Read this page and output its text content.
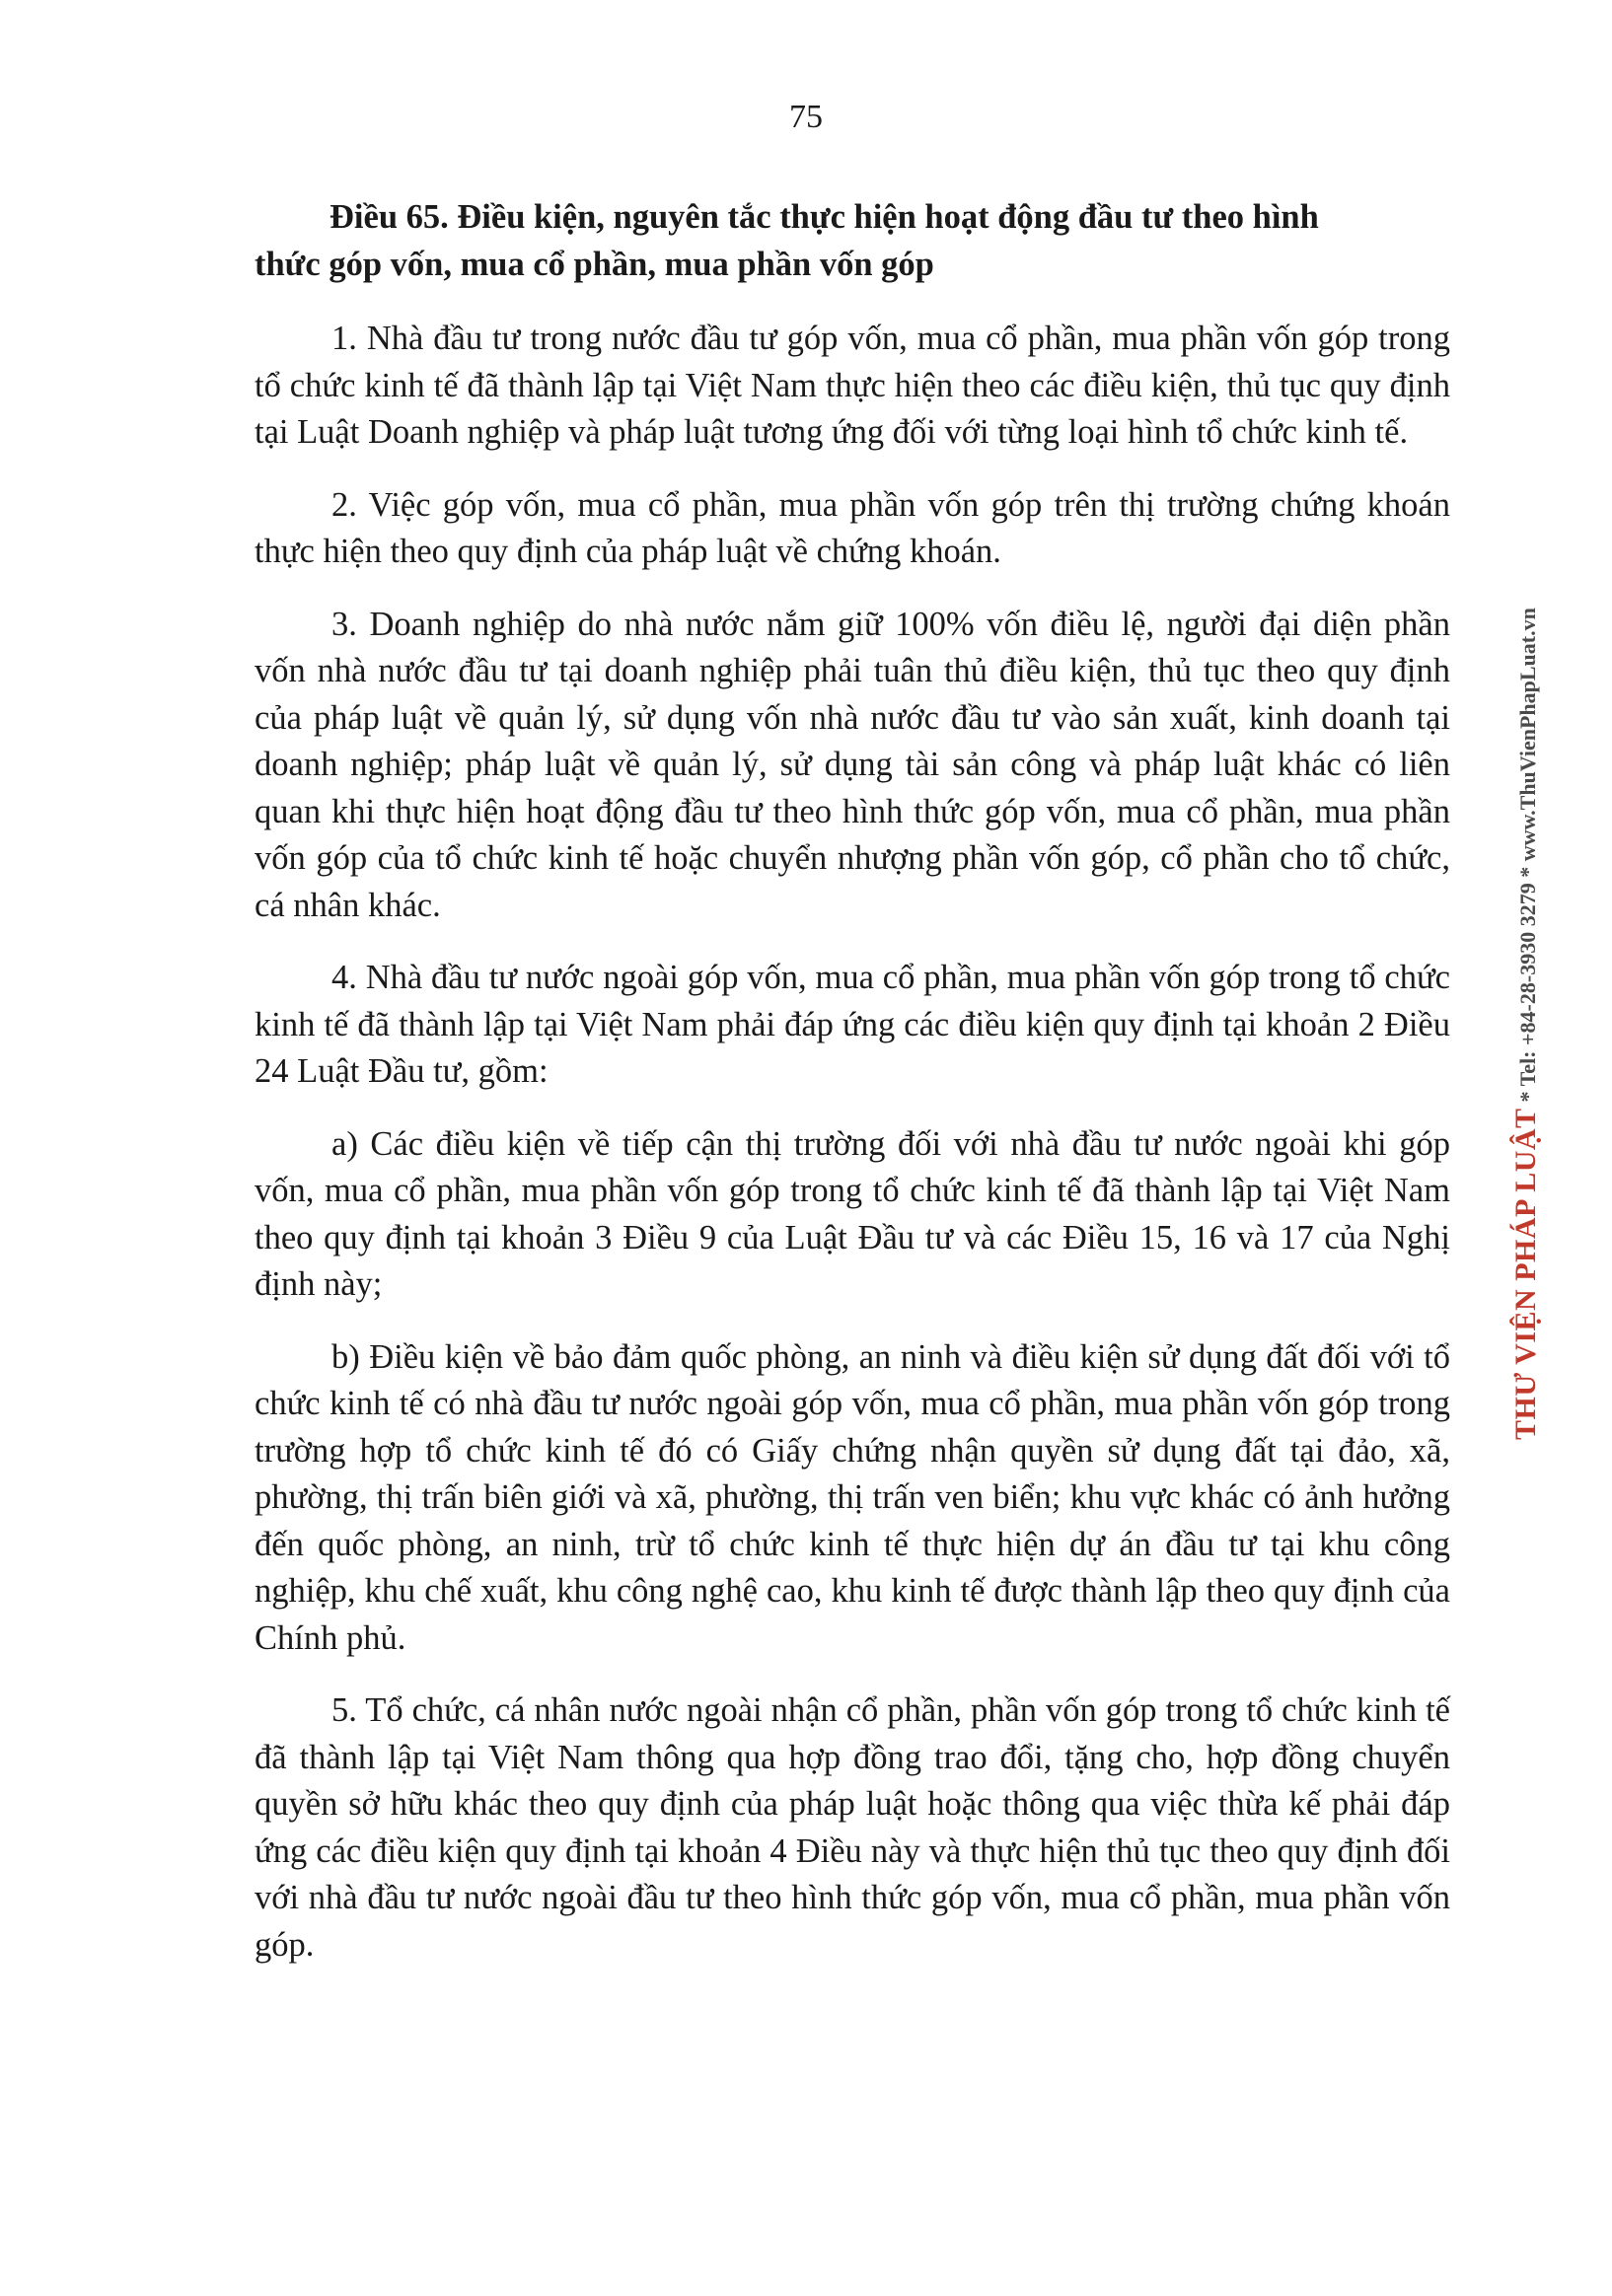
75
Điều 65. Điều kiện, nguyên tắc thực hiện hoạt động đầu tư theo hình
thức góp vốn, mua cổ phần, mua phần vốn góp

1. Nhà đầu tư trong nước đầu tư góp vốn, mua cổ phần, mua phần vốn góp trong tổ chức kinh tế đã thành lập tại Việt Nam thực hiện theo các điều kiện, thủ tục quy định tại Luật Doanh nghiệp và pháp luật tương ứng đối với từng loại hình tổ chức kinh tế.

2. Việc góp vốn, mua cổ phần, mua phần vốn góp trên thị trường chứng khoán thực hiện theo quy định của pháp luật về chứng khoán.

3. Doanh nghiệp do nhà nước nắm giữ 100% vốn điều lệ, người đại diện phần vốn nhà nước đầu tư tại doanh nghiệp phải tuân thủ điều kiện, thủ tục theo quy định của pháp luật về quản lý, sử dụng vốn nhà nước đầu tư vào sản xuất, kinh doanh tại doanh nghiệp; pháp luật về quản lý, sử dụng tài sản công và pháp luật khác có liên quan khi thực hiện hoạt động đầu tư theo hình thức góp vốn, mua cổ phần, mua phần vốn góp của tổ chức kinh tế hoặc chuyển nhượng phần vốn góp, cổ phần cho tổ chức, cá nhân khác.

4. Nhà đầu tư nước ngoài góp vốn, mua cổ phần, mua phần vốn góp trong tổ chức kinh tế đã thành lập tại Việt Nam phải đáp ứng các điều kiện quy định tại khoản 2 Điều 24 Luật Đầu tư, gồm:

a) Các điều kiện về tiếp cận thị trường đối với nhà đầu tư nước ngoài khi góp vốn, mua cổ phần, mua phần vốn góp trong tổ chức kinh tế đã thành lập tại Việt Nam theo quy định tại khoản 3 Điều 9 của Luật Đầu tư và các Điều 15, 16 và 17 của Nghị định này;

b) Điều kiện về bảo đảm quốc phòng, an ninh và điều kiện sử dụng đất đối với tổ chức kinh tế có nhà đầu tư nước ngoài góp vốn, mua cổ phần, mua phần vốn góp trong trường hợp tổ chức kinh tế đó có Giấy chứng nhận quyền sử dụng đất tại đảo, xã, phường, thị trấn biên giới và xã, phường, thị trấn ven biển; khu vực khác có ảnh hưởng đến quốc phòng, an ninh, trừ tổ chức kinh tế thực hiện dự án đầu tư tại khu công nghiệp, khu chế xuất, khu công nghệ cao, khu kinh tế được thành lập theo quy định của Chính phủ.

5. Tổ chức, cá nhân nước ngoài nhận cổ phần, phần vốn góp trong tổ chức kinh tế đã thành lập tại Việt Nam thông qua hợp đồng trao đổi, tặng cho, hợp đồng chuyển quyền sở hữu khác theo quy định của pháp luật hoặc thông qua việc thừa kế phải đáp ứng các điều kiện quy định tại khoản 4 Điều này và thực hiện thủ tục theo quy định đối với nhà đầu tư nước ngoài đầu tư theo hình thức góp vốn, mua cổ phần, mua phần vốn góp.

THƯ VIỆN PHÁP LUẬT * Tel: +84-28-3930 3279 * www.ThuVienPhapLuat.vn
